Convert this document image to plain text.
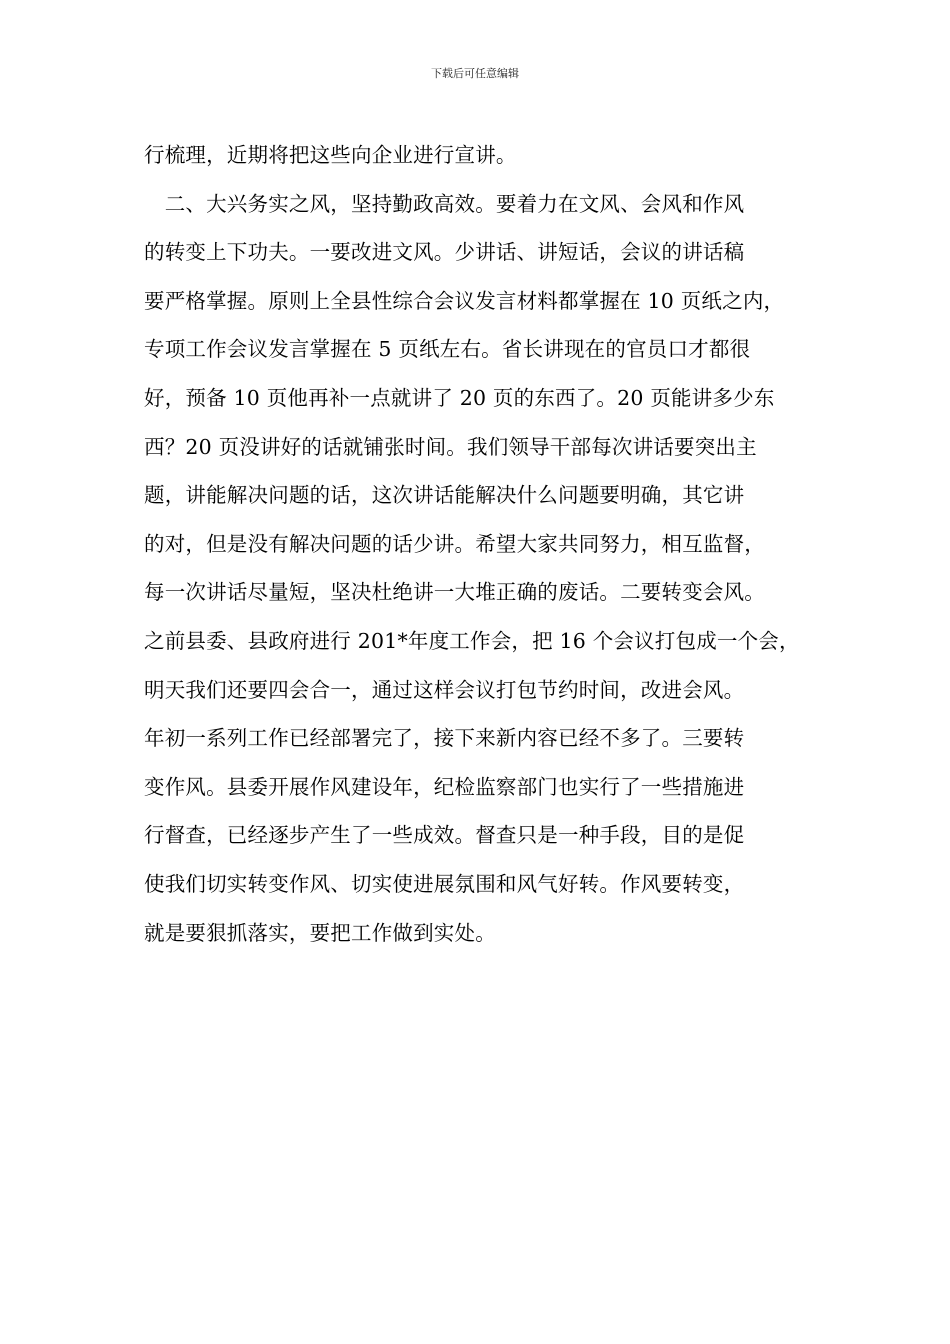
下载后可任意编辑
行梳理，近期将把这些向企业进行宣讲。
　二、大兴务实之风，坚持勤政高效。要着力在文风、会风和作风
的转变上下功夫。一要改进文风。少讲话、讲短话，会议的讲话稿
要严格掌握。原则上全县性综合会议发言材料都掌握在 10 页纸之内，
专项工作会议发言掌握在 5 页纸左右。省长讲现在的官员口才都很
好，预备 10 页他再补一点就讲了 20 页的东西了。20 页能讲多少东
西？20 页没讲好的话就铺张时间。我们领导干部每次讲话要突出主
题，讲能解决问题的话，这次讲话能解决什么问题要明确，其它讲
的对，但是没有解决问题的话少讲。希望大家共同努力，相互监督，
每一次讲话尽量短，坚决杜绝讲一大堆正确的废话。二要转变会风。
之前县委、县政府进行 201*年度工作会，把 16 个会议打包成一个会，
明天我们还要四会合一，通过这样会议打包节约时间，改进会风。
年初一系列工作已经部署完了，接下来新内容已经不多了。三要转
变作风。县委开展作风建设年，纪检监察部门也实行了一些措施进
行督查，已经逐步产生了一些成效。督查只是一种手段，目的是促
使我们切实转变作风、切实使进展氛围和风气好转。作风要转变，
就是要狠抓落实，要把工作做到实处。
